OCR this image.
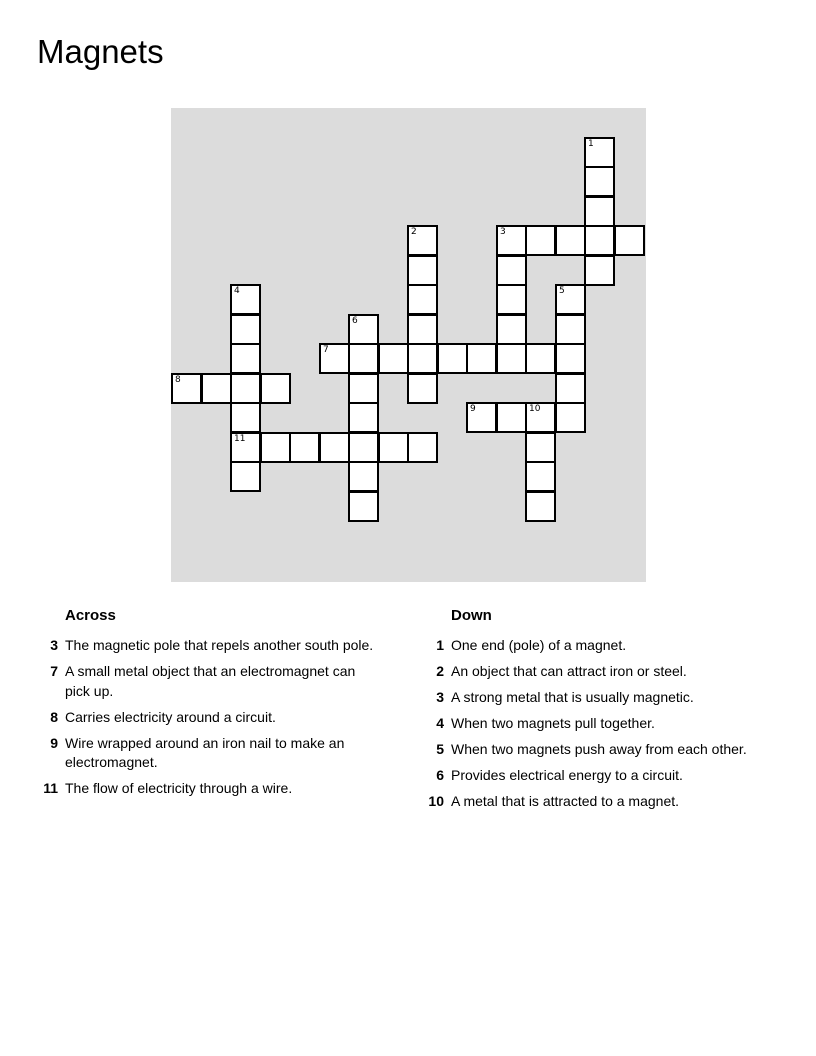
Magnets
1
2	3
4	5
6
7
8
9	10
11
Across
3 The magnetic pole that repels another south pole.
7 A small metal object that an electromagnet can pick up.
8 Carries electricity around a circuit.
9 Wire wrapped around an iron nail to make an electromagnet.
11 The flow of electricity through a wire.
Down
1 One end (pole) of a magnet.
2 An object that can attract iron or steel.
3 A strong metal that is usually magnetic.
4 When two magnets pull together.
5 When two magnets push away from each other.
6 Provides electrical energy to a circuit.
10 A metal that is attracted to a magnet.
